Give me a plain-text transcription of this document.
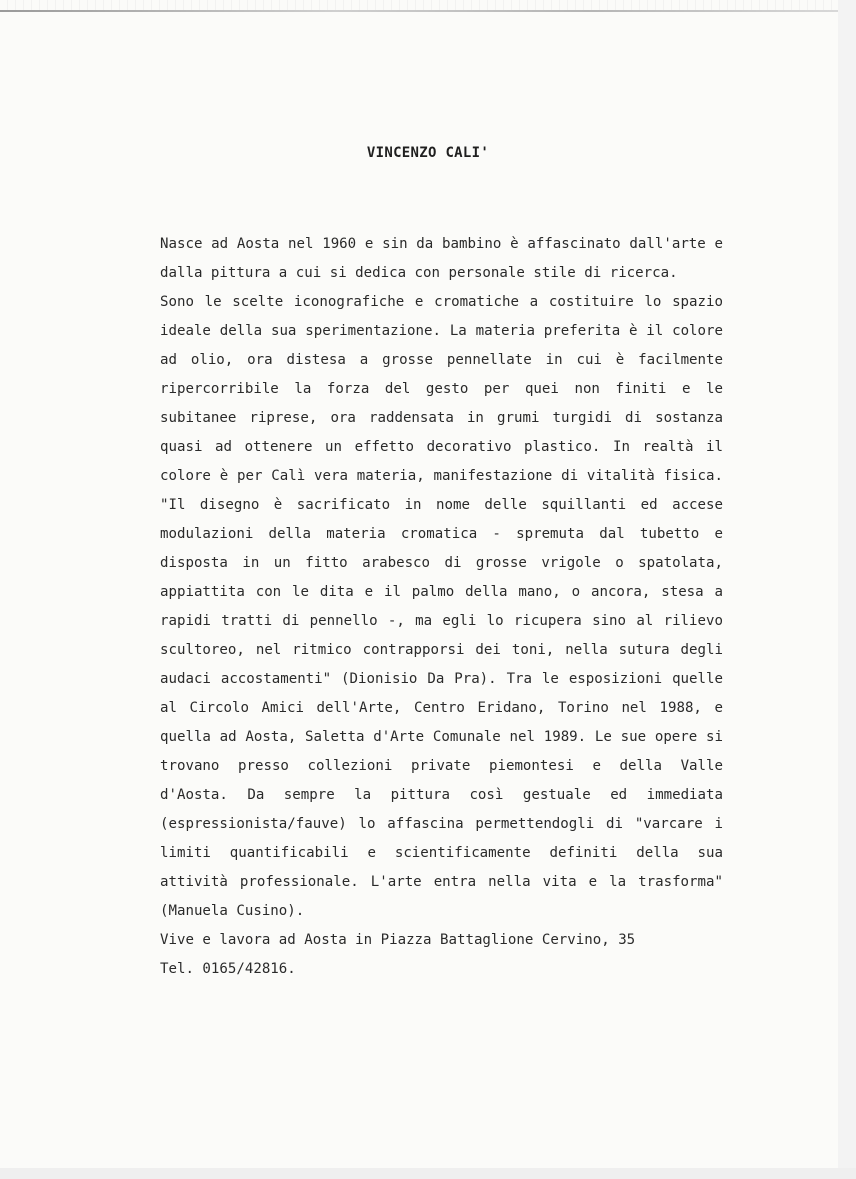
VINCENZO CALI'
Nasce ad Aosta nel 1960 e sin da bambino è affascinato dall'arte e
dalla pittura a cui si dedica con personale stile di ricerca.
Sono le scelte iconografiche e cromatiche a costituire lo spazio
ideale della sua sperimentazione. La materia preferita è il colore
ad olio, ora distesa a grosse pennellate in cui è facilmente
ripercorribile la forza del gesto per quei non finiti e le
subitanee riprese, ora raddensata in grumi turgidi di sostanza
quasi ad ottenere un effetto decorativo plastico. In realtà il
colore è per Calì vera materia, manifestazione di vitalità fisica.
"Il disegno è sacrificato in nome delle squillanti ed accese
modulazioni della materia cromatica - spremuta dal tubetto e
disposta in un fitto arabesco di grosse vrigole o spatolata,
appiattita con le dita e il palmo della mano, o ancora, stesa a
rapidi tratti di pennello -, ma egli lo ricupera sino al rilievo
scultoreo, nel ritmico contrapporsi dei toni, nella sutura degli
audaci accostamenti" (Dionisio Da Pra). Tra le esposizioni quelle
al Circolo Amici dell'Arte, Centro Eridano, Torino nel 1988, e
quella ad Aosta, Saletta d'Arte Comunale nel 1989. Le sue opere si
trovano presso collezioni private piemontesi e della Valle
d'Aosta. Da sempre la pittura così gestuale ed immediata
(espressionista/fauve) lo affascina permettendogli di "varcare i
limiti quantificabili e scientificamente definiti della sua
attività professionale. L'arte entra nella vita e la trasforma"
(Manuela Cusino).
Vive e lavora ad Aosta in Piazza Battaglione Cervino, 35
Tel. 0165/42816.
